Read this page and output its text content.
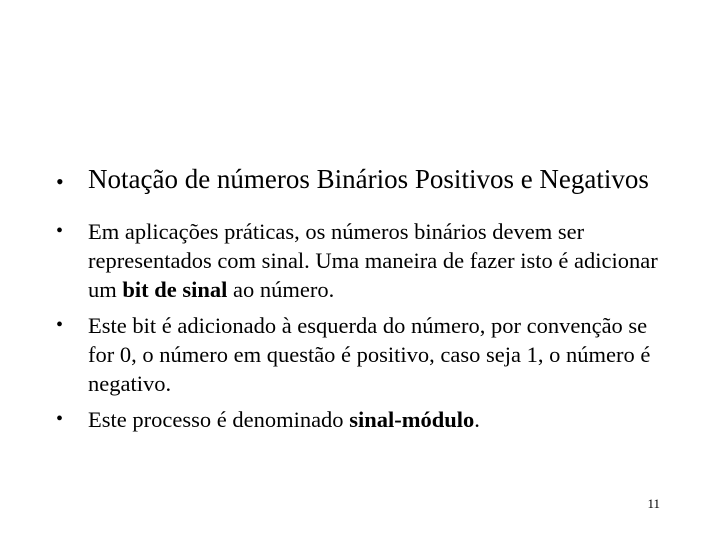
• Notação de números Binários Positivos e Negativos
• Em aplicações práticas, os números binários devem ser representados com sinal. Uma maneira de fazer isto é adicionar um bit de sinal ao número.
• Este bit é adicionado à esquerda do número, por convenção se for 0, o número em questão é positivo, caso seja 1, o número é negativo.
• Este processo é denominado sinal-módulo.
11
